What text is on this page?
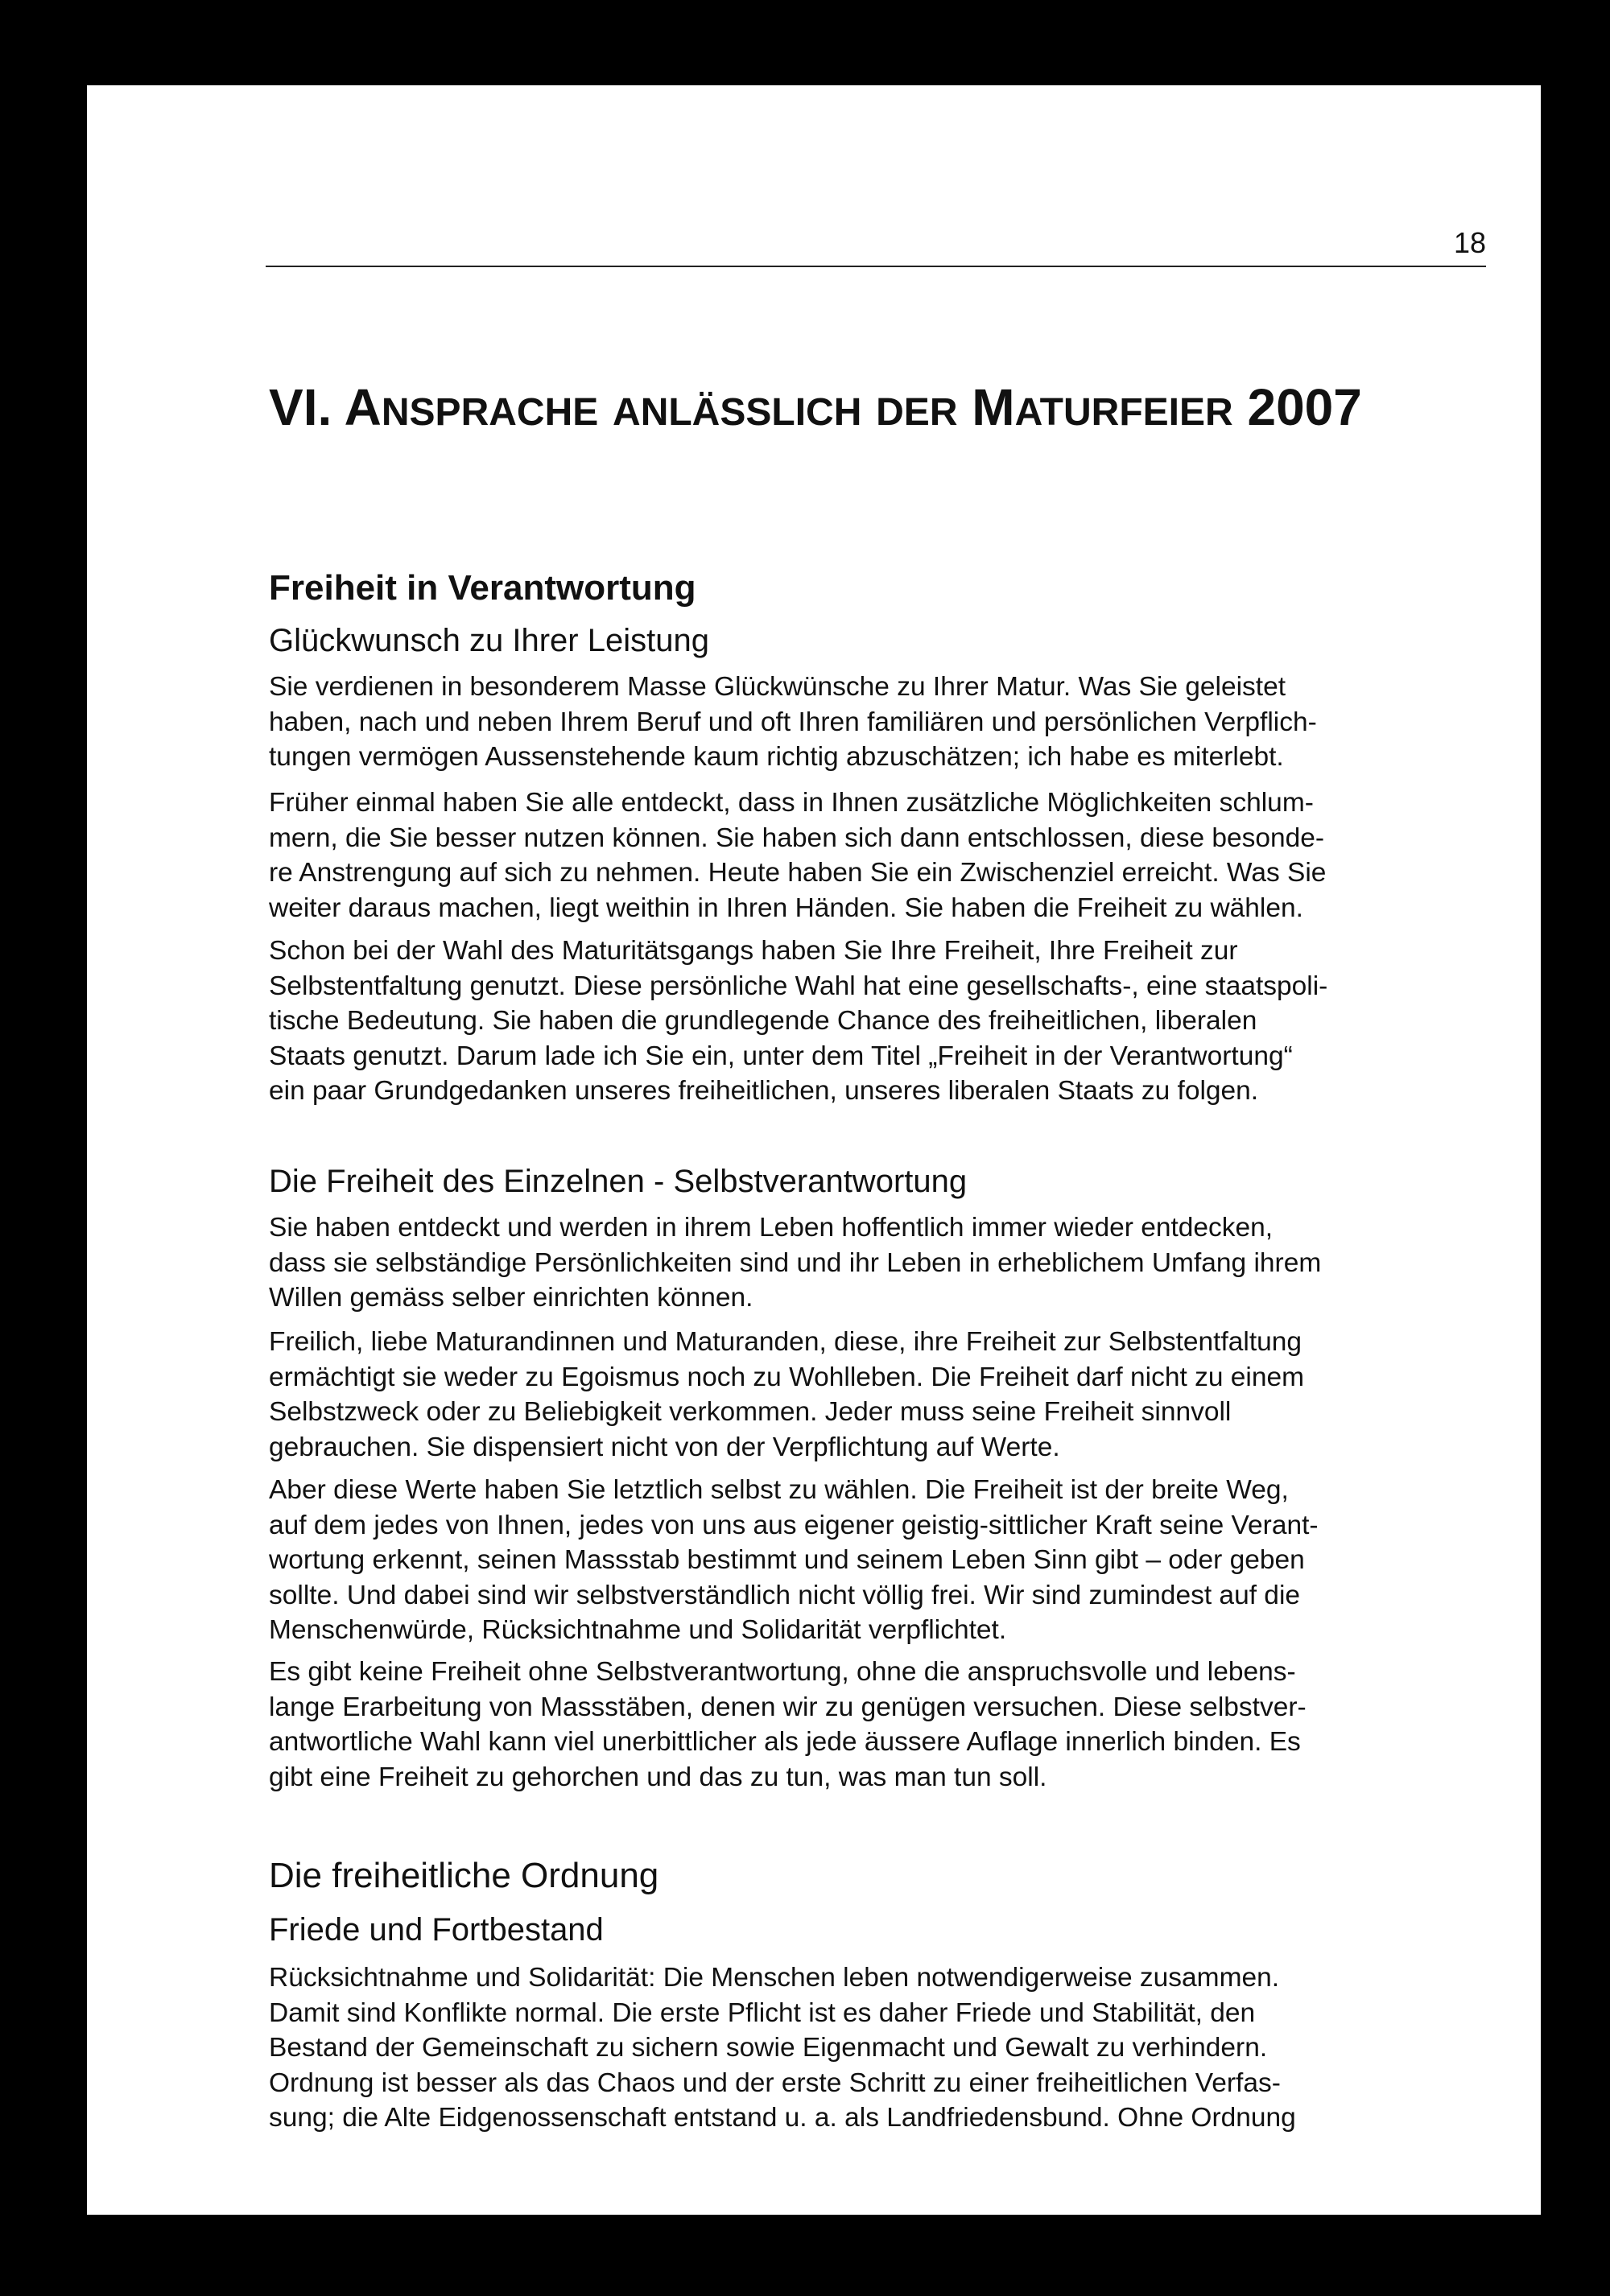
18
VI. ANSPRACHE ANLÄSSLICH DER MATURFEIER 2007
Freiheit in Verantwortung
Glückwunsch zu Ihrer Leistung

Sie verdienen in besonderem Masse Glückwünsche zu Ihrer Matur. Was Sie geleistet
haben, nach und neben Ihrem Beruf und oft Ihren familiären und persönlichen Verpflich-
tungen vermögen Aussenstehende kaum richtig abzuschätzen; ich habe es miterlebt.

Früher einmal haben Sie alle entdeckt, dass in Ihnen zusätzliche Möglichkeiten schlum-
mern, die Sie besser nutzen können. Sie haben sich dann entschlossen, diese besonde-
re Anstrengung auf sich zu nehmen. Heute haben Sie ein Zwischenziel erreicht. Was Sie
weiter daraus machen, liegt weithin in Ihren Händen. Sie haben die Freiheit zu wählen.

Schon bei der Wahl des Maturitätsgangs haben Sie Ihre Freiheit, Ihre Freiheit zur
Selbstentfaltung genutzt. Diese persönliche Wahl hat eine gesellschafts-, eine staatspoli-
tische Bedeutung. Sie haben die grundlegende Chance des freiheitlichen, liberalen
Staats genutzt. Darum lade ich Sie ein, unter dem Titel „Freiheit in der Verantwortung“
ein paar Grundgedanken unseres freiheitlichen, unseres liberalen Staats zu folgen.

Die Freiheit des Einzelnen - Selbstverantwortung

Sie haben entdeckt und werden in ihrem Leben hoffentlich immer wieder entdecken,
dass sie selbständige Persönlichkeiten sind und ihr Leben in erheblichem Umfang ihrem
Willen gemäss selber einrichten können.

Freilich, liebe Maturandinnen und Maturanden, diese, ihre Freiheit zur Selbstentfaltung
ermächtigt sie weder zu Egoismus noch zu Wohlleben. Die Freiheit darf nicht zu einem
Selbstzweck oder zu Beliebigkeit verkommen. Jeder muss seine Freiheit sinnvoll
gebrauchen. Sie dispensiert nicht von der Verpflichtung auf Werte.

Aber diese Werte haben Sie letztlich selbst zu wählen. Die Freiheit ist der breite Weg,
auf dem jedes von Ihnen, jedes von uns aus eigener geistig-sittlicher Kraft seine Verant-
wortung erkennt, seinen Massstab bestimmt und seinem Leben Sinn gibt – oder geben
sollte. Und dabei sind wir selbstverständlich nicht völlig frei. Wir sind zumindest auf die
Menschenwürde, Rücksichtnahme und Solidarität verpflichtet.

Es gibt keine Freiheit ohne Selbstverantwortung, ohne die anspruchsvolle und lebens-
lange Erarbeitung von Massstäben, denen wir zu genügen versuchen. Diese selbstver-
antwortliche Wahl kann viel unerbittlicher als jede äussere Auflage innerlich binden. Es
gibt eine Freiheit zu gehorchen und das zu tun, was man tun soll.

Die freiheitliche Ordnung
Friede und Fortbestand

Rücksichtnahme und Solidarität: Die Menschen leben notwendigerweise zusammen.
Damit sind Konflikte normal. Die erste Pflicht ist es daher Friede und Stabilität, den
Bestand der Gemeinschaft zu sichern sowie Eigenmacht und Gewalt zu verhindern.
Ordnung ist besser als das Chaos und der erste Schritt zu einer freiheitlichen Verfas-
sung; die Alte Eidgenossenschaft entstand u. a. als Landfriedensbund. Ohne Ordnung
